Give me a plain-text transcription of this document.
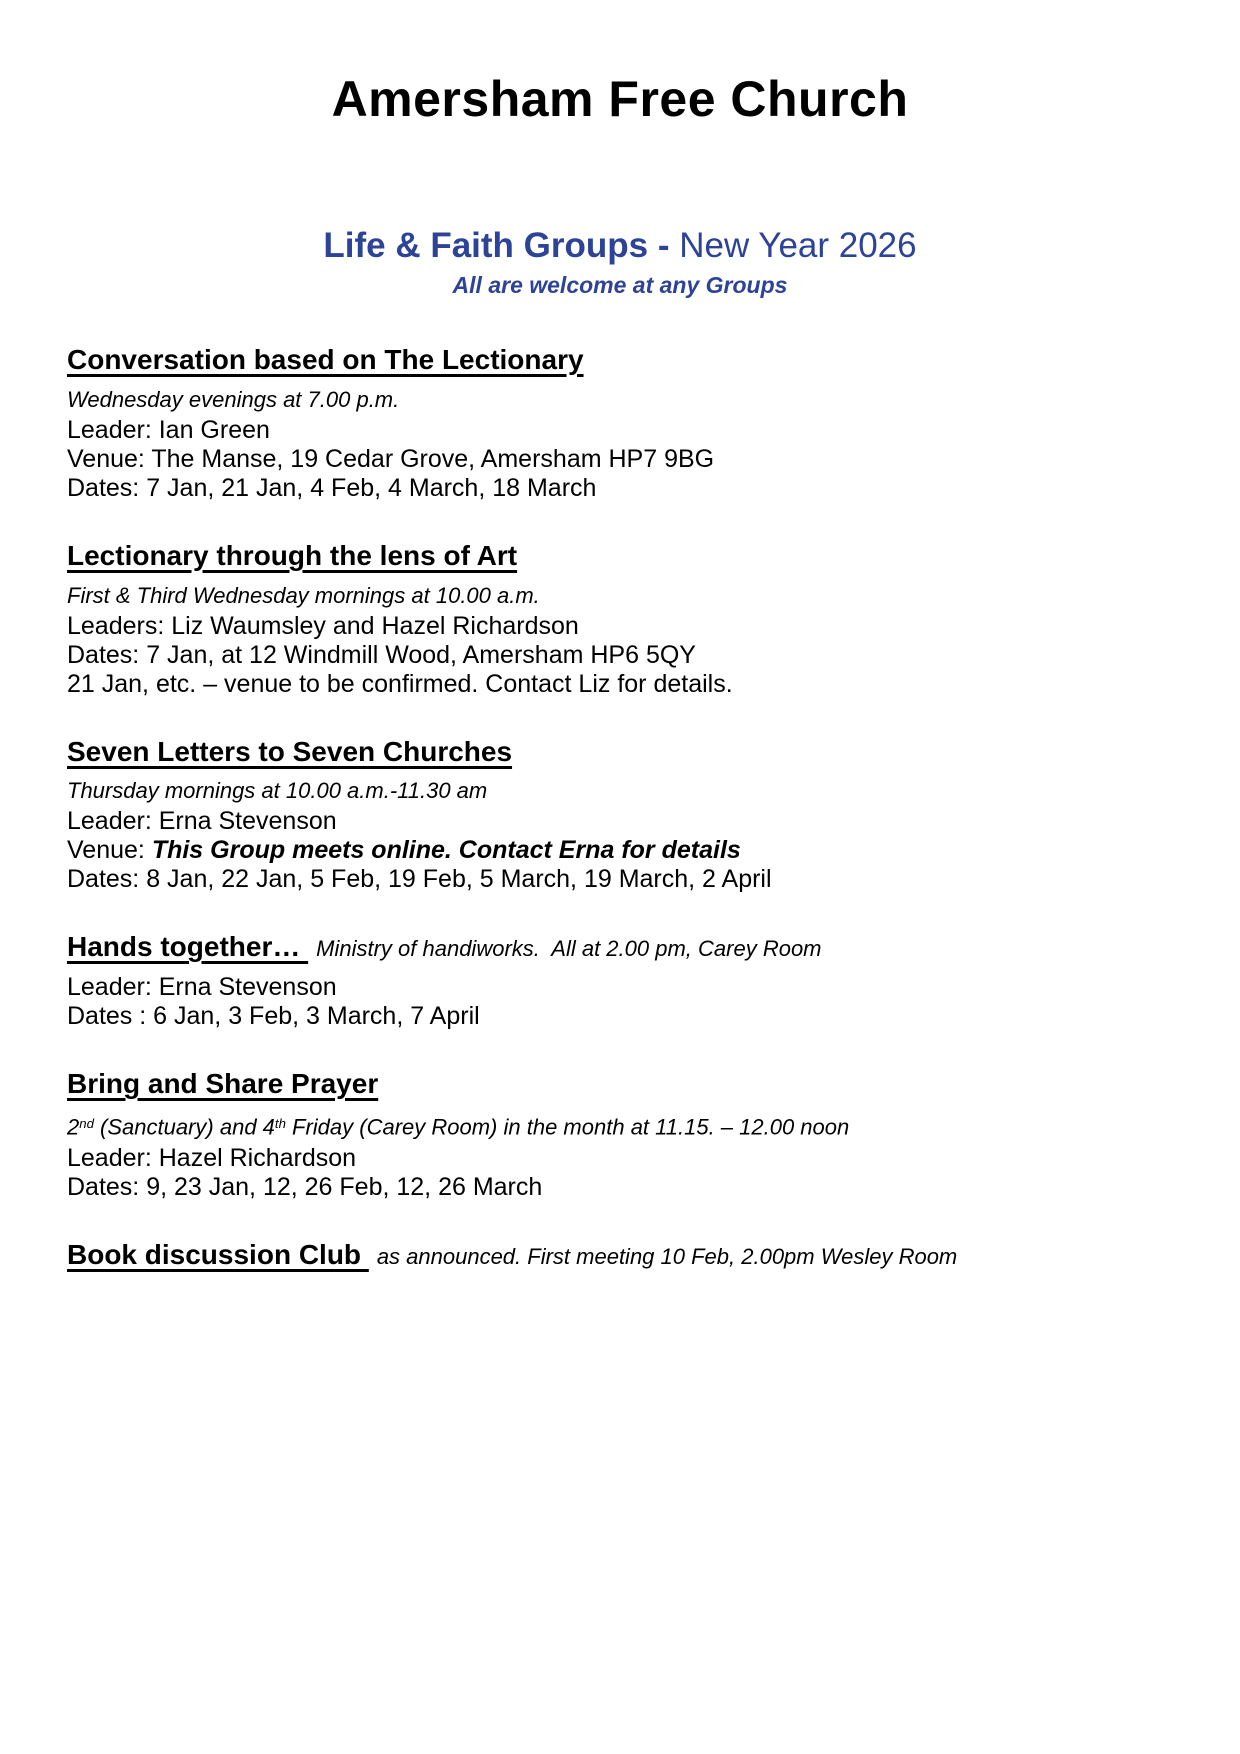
Amersham Free Church
Life & Faith Groups - New Year 2026
All are welcome at any Groups
Conversation based on The Lectionary
Wednesday evenings at 7.00 p.m.
Leader: Ian Green
Venue: The Manse, 19 Cedar Grove, Amersham HP7 9BG
Dates: 7 Jan, 21 Jan, 4 Feb, 4 March, 18 March
Lectionary through the lens of Art
First & Third Wednesday mornings at 10.00 a.m.
Leaders: Liz Waumsley and Hazel Richardson
Dates: 7 Jan, at 12 Windmill Wood, Amersham HP6 5QY
21 Jan, etc. – venue to be confirmed. Contact Liz for details.
Seven Letters to Seven Churches
Thursday mornings at 10.00 a.m.-11.30 am
Leader: Erna Stevenson
Venue: This Group meets online. Contact Erna for details
Dates: 8 Jan, 22 Jan, 5 Feb, 19 Feb, 5 March, 19 March, 2 April
Hands together… Ministry of handiworks.  All at 2.00 pm, Carey Room
Leader: Erna Stevenson
Dates : 6 Jan, 3 Feb, 3 March, 7 April
Bring and Share Prayer
2nd (Sanctuary) and 4th Friday (Carey Room) in the month at 11.15. – 12.00 noon
Leader: Hazel Richardson
Dates: 9, 23 Jan, 12, 26 Feb, 12, 26 March
Book discussion Club as announced. First meeting 10 Feb, 2.00pm Wesley Room
